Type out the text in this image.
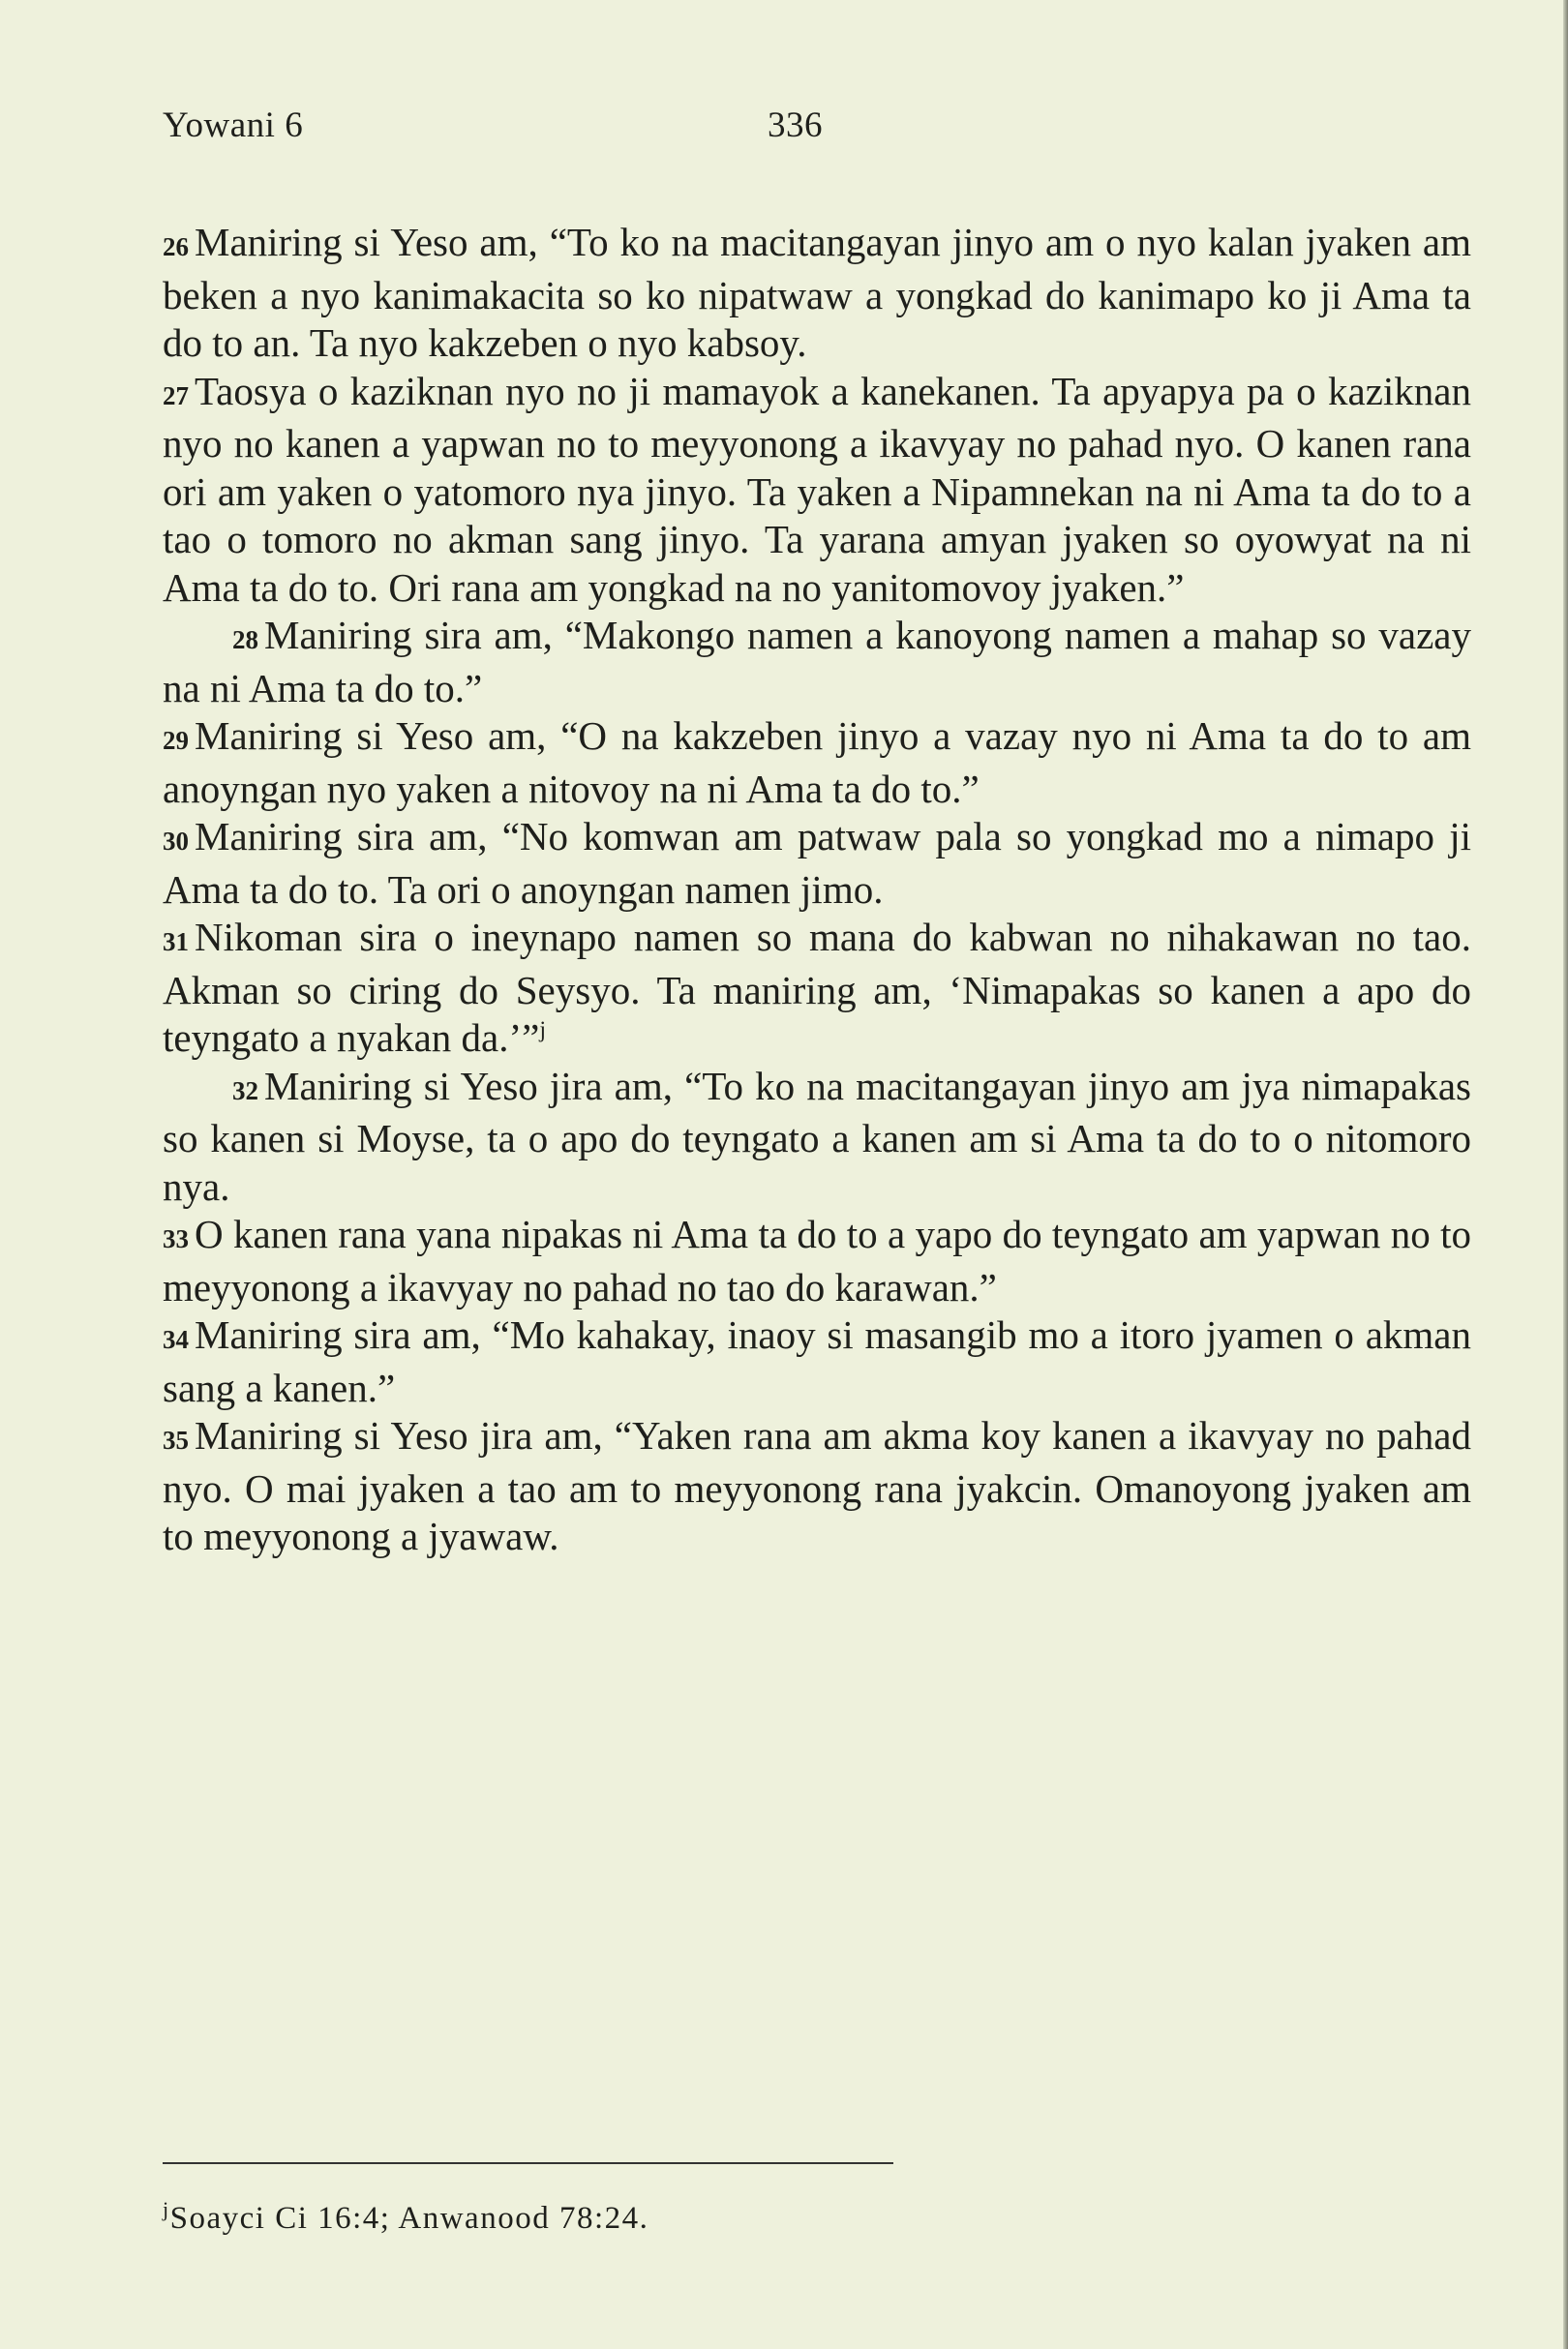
Yowani 6	336

26 Maniring si Yeso am, “To ko na macitangayan jinyo am o nyo kalan jyaken am beken a nyo kanimakacita so ko nipatwaw a yongkad do kanimapo ko ji Ama ta do to an. Ta nyo kakzeben o nyo kabsoy.

27 Taosya o kaziknan nyo no ji mamayok a kanekanen. Ta apyapya pa o kaziknan nyo no kanen a yapwan no to meyyonong a ikavyay no pahad nyo. O kanen rana ori am yaken o yatomoro nya jinyo. Ta yaken a Nipamnekan na ni Ama ta do to a tao o tomoro no akman sang jinyo. Ta yarana amyan jyaken so oyowyat na ni Ama ta do to. Ori rana am yongkad na no yanitomovoy jyaken.”

28 Maniring sira am, “Makongo namen a kanoyong namen a mahap so vazay na ni Ama ta do to.”

29 Maniring si Yeso am, “O na kakzeben jinyo a vazay nyo ni Ama ta do to am anoyngan nyo yaken a nitovoy na ni Ama ta do to.”

30 Maniring sira am, “No komwan am patwaw pala so yongkad mo a nimapo ji Ama ta do to. Ta ori o anoyngan namen jimo.

31 Nikoman sira o ineynapo namen so mana do kabwan no nihakawan no tao. Akman so ciring do Seysyo. Ta maniring am, ‘Nimapakas so kanen a apo do teyngato a nyakan da.’”$^j$

32 Maniring si Yeso jira am, “To ko na macitangayan jinyo am jya nimapakas so kanen si Moyse, ta o apo do teyngato a kanen am si Ama ta do to o nitomoro nya.

33 O kanen rana yana nipakas ni Ama ta do to a yapo do teyngato am yapwan no to meyyonong a ikavyay no pahad no tao do karawan.”

34 Maniring sira am, “Mo kahakay, inaoy si masangib mo a itoro jyamen o akman sang a kanen.”

35 Maniring si Yeso jira am, “Yaken rana am akma koy kanen a ikavyay no pahad nyo. O mai jyaken a tao am to meyyonong rana jyakcin. Omanoyong jyaken am to meyyonong a jyawaw.

$^j$Soayci Ci 16:4; Anwanood 78:24.
